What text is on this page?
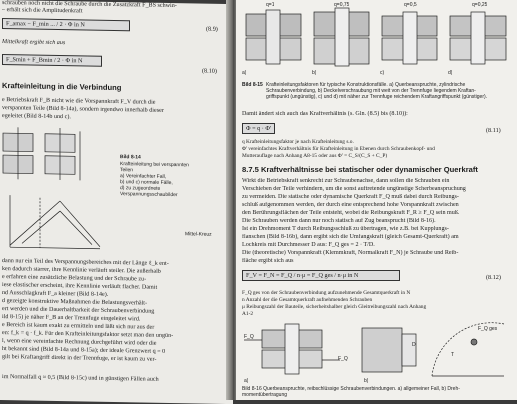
schrauben noch nicht die Schraube durch die Zusatzkraft F_BS schwin-
– erhält sich die Amplitudenkraft
F_amax − F_min ... / 2 · Φ in N
(8.9)
Mittelkraft ergibt sich aus
F_Smin + F_Bmin / 2 · Φ in N
(8.10)
Krafteinleitung in die Verbindung
e Betriebskraft F_B nicht wie die Vorspannkraft F_V durch die
verspannten Teile (Bild 8-14a), sondern irgendwo innerhalb dieser
egeleitet (Bild 8-14b und c).
Bild 8-14
Krafteinleitung bei verspannten
Teilen
a) Vereinfachter Fall,
b) und c) normale Fälle,
d) zu zugeordnete
Verspannungsschaubilder
Mittel-Kreuz
dann nur ein Teil des Verspannungsbereiches mit der Länge ℓ_k ent-
ken dadurch starrer, ihre Kennlinie verläuft steiler. Die außerhalb
e erfahren eine zusätzliche Belastung und der Schraube zu-
iese elastischer erscheint, ihre Kennlinie verläuft flacher. Damit
nd Ausschlagkraft F_a kleiner (Bild 8-14e).
d gezeigte konstruktive Maßnahmen die Belastungsverhält-
ert werden und die Dauerhaltbarkeit der Schraubenverbindung
ild 8-15) je näher F_B an der Trennfuge eingeleitet wird.
e Bereich ist kaum exakt zu ermitteln und läßt sich nur aus der
en: f_k = q · f_k. Für den Krafteinleitungsfaktor setzt man den ungün-
l, wenn eine vereinfachte Rechnung durchgeführt wird oder die
ht bekannt sind (Bild 8-14a und 8-15a); der ideale Grenzwert q = 0
gilt bei Kraftangriff direkt in der Trennfuge, er ist kaum zu ver-
im Normalfall q ≈ 0,5 (Bild 8-15c) und in günstigen Fällen auch
q=1	q=0,75	q=0,5	q=0,25
a)	b)	c)	d)
Bild 8-15 Krafteinleitungsfaktoren für typische Konstruktionsfälle. a) Querbeanspruchte, zylindrische
Schraubenverbindung, b) Deckelverschraubung mit weit von der Trennfuge liegendem Kraftan-
griffspunkt (ungünstig), c) und d) mit näher zur Trennfuge reichendem Kraftangriffspunkt (günstiger).
Damit ändert sich auch das Kraftverhältnis (s. Gln. (8.5) bis (8.10)):
Φ = q · Φ'	(8.11)
q Krafteinleitungsfaktor je nach Krafteinleitung s.o.
Φ' vereinfachtes Kraftverhältnis für Krafteinleitung in Ebenen durch Schraubenkopf- und
Mutterauflage nach Anhang A8-15 oder aus Φ' = C_S/(C_S + C_P)
8.7.5 Kraftverhältnisse bei statischer oder dynamischer Querkraft
Wirkt die Betriebskraft senkrecht zur Schraubenachse, dann sollen die Schrauben ein
Verschieben der Teile verhindern, um die sonst auftretende ungünstige Scherbeanspruchung
zu vermeiden. Die statische oder dynamische Querkraft F_Q muß dabei durch Reibungs-
schluß aufgenommen werden, der durch eine entsprechend hohe Vorspannkraft zwischen
den Berührungsflächen der Teile entsteht, wobei die Reibungskraft F_R ≥ F_Q sein muß.
Die Schrauben werden dann nur noch statisch auf Zug beansprucht (Bild 8-16).
Ist ein Drehmoment T durch Reibungsschluß zu übertragen, wie z.B. bei Kupplungs-
flanschen (Bild 8-16b), dann ergibt sich die Umfangskraft (gleich Gesamt-Querkraft) am
Lochkreis mit Durchmesser D aus: F_Q ges = 2 · T/D.
Die (theoretische) Vorspannkraft (Klemmkraft, Normalkraft F_N) je Schraube und Reib-
fläche ergibt sich aus
F_V = F_N = F_Q / n·μ = F_Q ges / n·μ in N	(8.12)
F_Q ges von der Schraubenverbindung aufzunehmende Gesamtquerkraft in N
n Anzahl der die Gesamtquerkraft aufnehmenden Schrauben
μ Reibungszahl der Bauteile, sicherheitshalber gleich Gleitreibungszahl nach Anhang
A1-2
F_Q
F_Q
D
a)	b)
T
F_Q ges
Bild 8-16 Querbeanspruchte, reibschlüssige Schraubenverbindungen. a) allgemeiner Fall, b) Dreh-
momentübertragung
